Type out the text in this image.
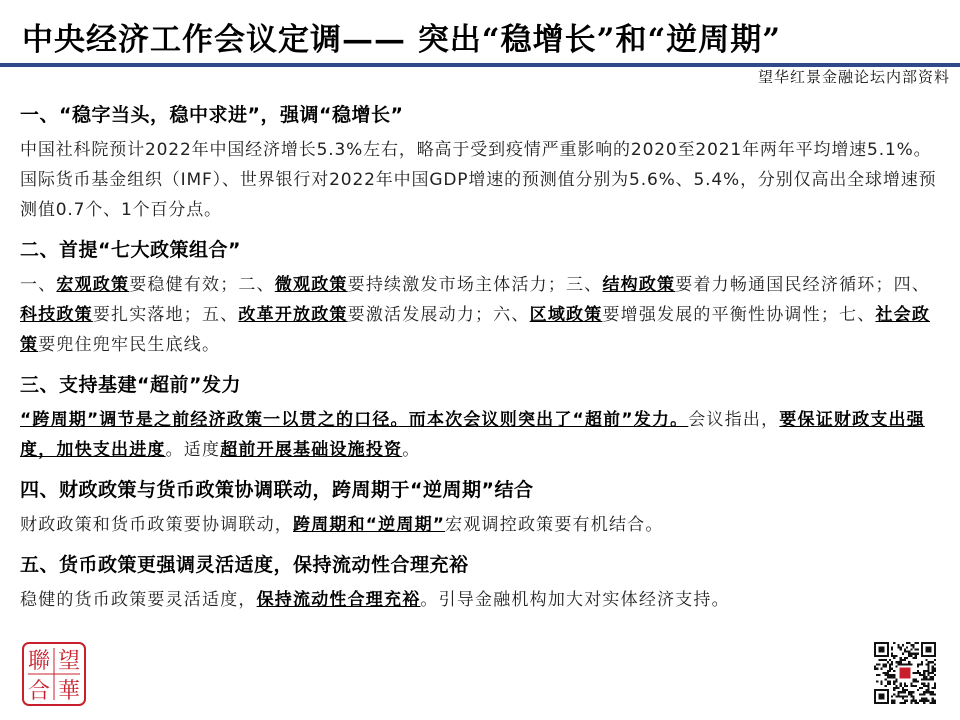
中央经济工作会议定调—— 突出“稳增长”和“逆周期”
望华红景金融论坛内部资料
一、“稳字当头，稳中求进”，强调“稳增长”

中国社科院预计2022年中国经济增长5.3%左右，略高于受到疫情严重影响的2020至2021年两年平均增速5.1%。国际货币基金组织（IMF）、世界银行对2022年中国GDP增速的预测值分别为5.6%、5.4%，分别仅高出全球增速预测值0.7个、1个百分点。

二、首提“七大政策组合”

一、宏观政策要稳健有效；二、微观政策要持续激发市场主体活力；三、结构政策要着力畅通国民经济循环；四、科技政策要扎实落地；五、改革开放政策要激活发展动力；六、区域政策要增强发展的平衡性协调性；七、社会政策要兜住兜牢民生底线。

三、支持基建“超前”发力

“跨周期”调节是之前经济政策一以贯之的口径。而本次会议则突出了“超前”发力。会议指出，要保证财政支出强度，加快支出进度。适度超前开展基础设施投资。

四、财政政策与货币政策协调联动，跨周期于“逆周期”结合

财政政策和货币政策要协调联动，跨周期和“逆周期”宏观调控政策要有机结合。

五、货币政策更强调灵活适度，保持流动性合理充裕

稳健的货币政策要灵活适度，保持流动性合理充裕。引导金融机构加大对实体经济支持。

聯 望
合 華
